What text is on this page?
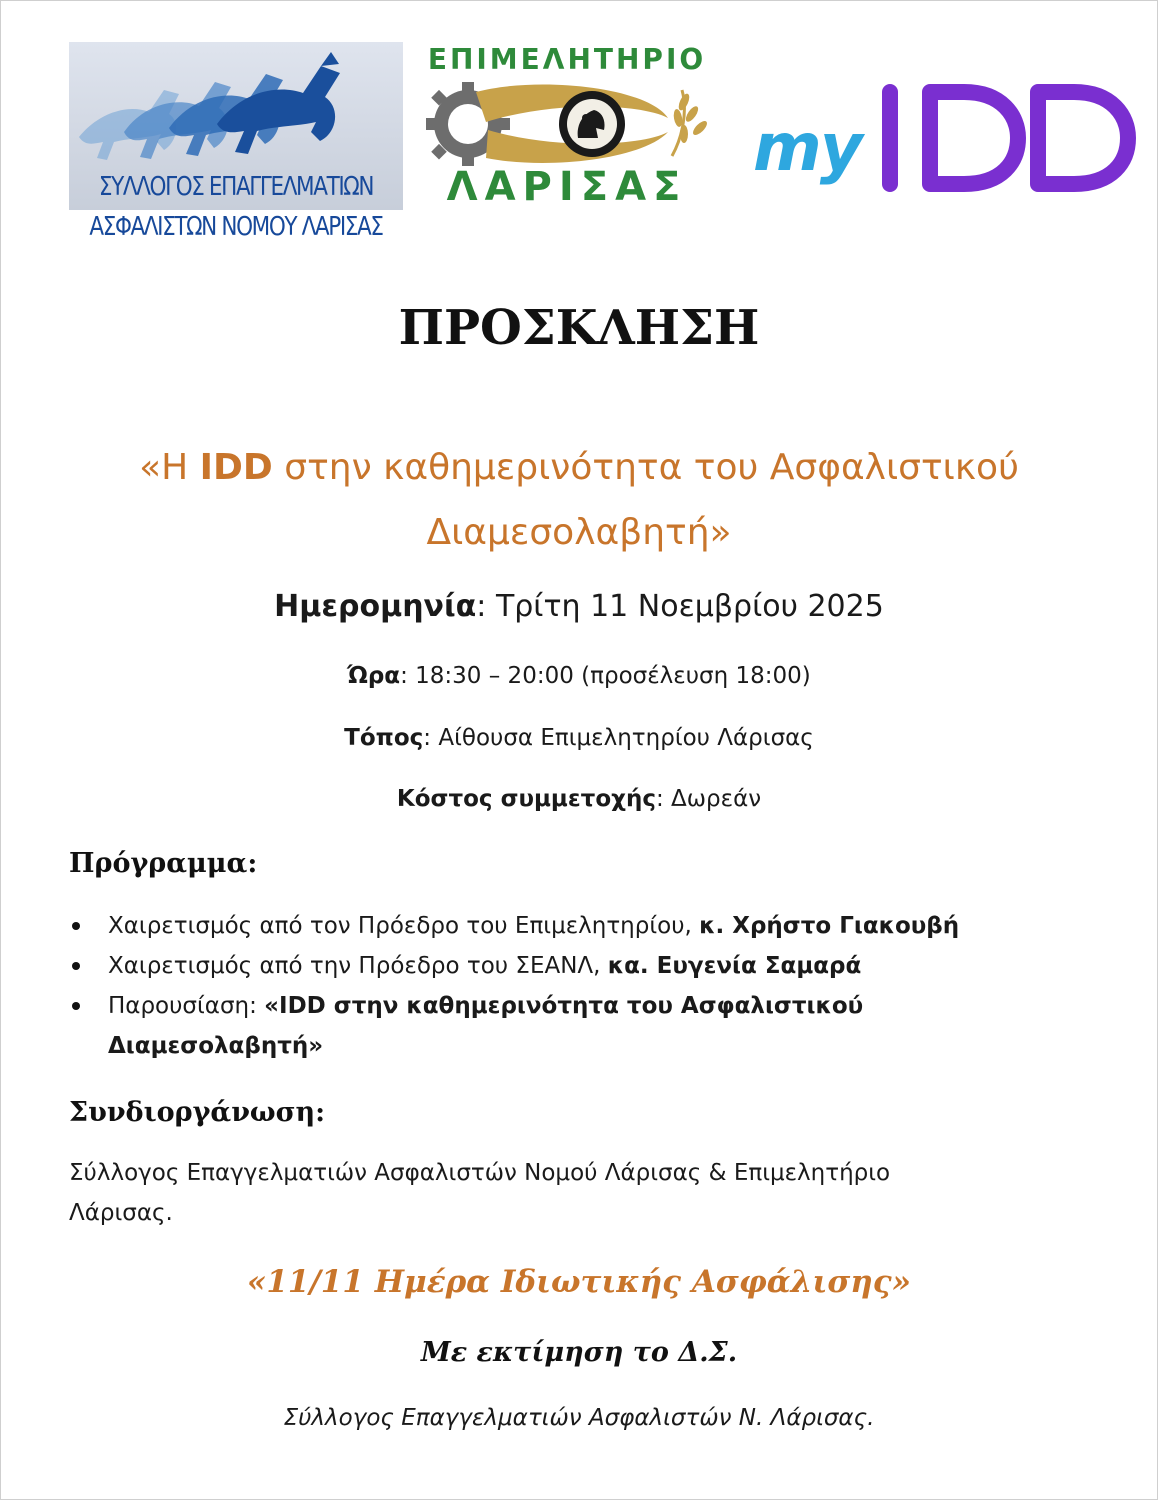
ΣΥΛΛΟΓΟΣ ΕΠΑΓΓΕΛΜΑΤΙΩΝ
ΑΣΦΑΛΙΣΤΩΝ ΝΟΜΟΥ ΛΑΡΙΣΑΣ
ΕΠΙΜΕΛΗΤΗΡΙΟ
ΛΑΡΙΣΑΣ
my
ΠΡΟΣΚΛΗΣΗ
«Η IDD στην καθημερινότητα του Ασφαλιστικού
Διαμεσολαβητή»
Ημερομηνία: Τρίτη 11 Νοεμβρίου 2025
Ώρα: 18:30 – 20:00 (προσέλευση 18:00)
Τόπος: Αίθουσα Επιμελητηρίου Λάρισας
Κόστος συμμετοχής: Δωρεάν
Πρόγραμμα:
Χαιρετισμός από τον Πρόεδρο του Επιμελητηρίου, κ. Χρήστο Γιακουβή
Χαιρετισμός από την Πρόεδρο του ΣΕΑΝΛ, κα. Ευγενία Σαμαρά
Παρουσίαση: «IDD στην καθημερινότητα του Ασφαλιστικού
Διαμεσολαβητή»
Συνδιοργάνωση:
Σύλλογος Επαγγελματιών Ασφαλιστών Νομού Λάρισας & Επιμελητήριο Λάρισας.
«11/11 Ημέρα Ιδιωτικής Ασφάλισης»
Με εκτίμηση το Δ.Σ.
Σύλλογος Επαγγελματιών Ασφαλιστών Ν. Λάρισας.
